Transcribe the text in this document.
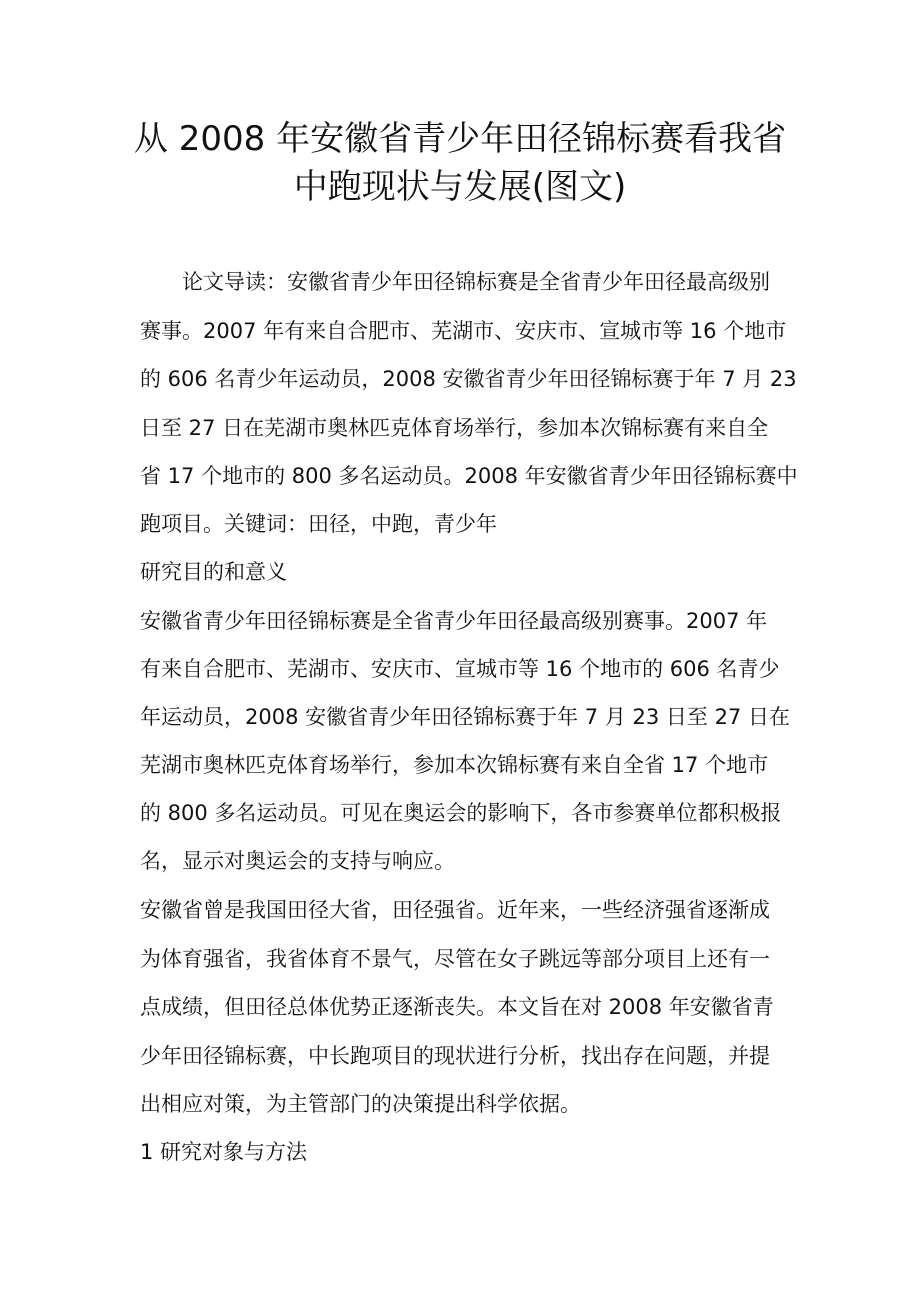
从 2008 年安徽省青少年田径锦标赛看我省
中跑现状与发展(图文)

　　论文导读：安徽省青少年田径锦标赛是全省青少年田径最高级别

赛事。2007 年有来自合肥市、芜湖市、安庆市、宣城市等 16 个地市

的 606 名青少年运动员，2008 安徽省青少年田径锦标赛于年 7 月 23

日至 27 日在芜湖市奥林匹克体育场举行，参加本次锦标赛有来自全

省 17 个地市的 800 多名运动员。2008 年安徽省青少年田径锦标赛中

跑项目。关键词：田径，中跑，青少年

研究目的和意义

安徽省青少年田径锦标赛是全省青少年田径最高级别赛事。2007 年

有来自合肥市、芜湖市、安庆市、宣城市等 16 个地市的 606 名青少

年运动员，2008 安徽省青少年田径锦标赛于年 7 月 23 日至 27 日在

芜湖市奥林匹克体育场举行，参加本次锦标赛有来自全省 17 个地市

的 800 多名运动员。可见在奥运会的影响下，各市参赛单位都积极报

名，显示对奥运会的支持与响应。

安徽省曾是我国田径大省，田径强省。近年来，一些经济强省逐渐成

为体育强省，我省体育不景气，尽管在女子跳远等部分项目上还有一

点成绩，但田径总体优势正逐渐丧失。本文旨在对 2008 年安徽省青

少年田径锦标赛，中长跑项目的现状进行分析，找出存在问题，并提

出相应对策，为主管部门的决策提出科学依据。

1 研究对象与方法
